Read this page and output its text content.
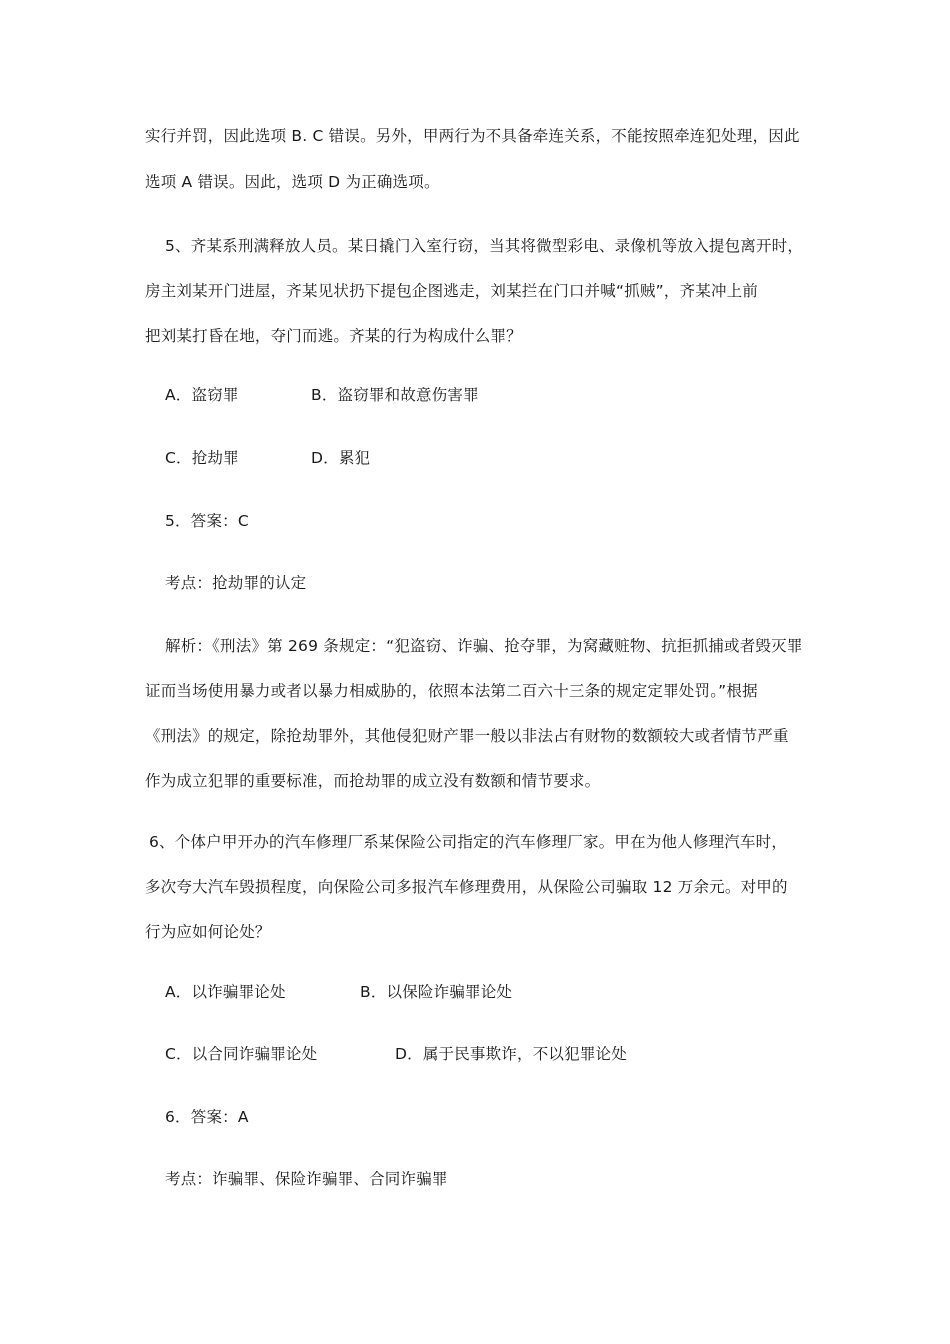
实行并罚，因此选项 B. C 错误。另外，甲两行为不具备牵连关系，不能按照牵连犯处理，因此
选项 A 错误。因此，选项 D 为正确选项。
5、齐某系刑满释放人员。某日撬门入室行窃，当其将微型彩电、录像机等放入提包离开时，
房主刘某开门进屋，齐某见状扔下提包企图逃走，刘某拦在门口并喊“抓贼”，齐某冲上前
把刘某打昏在地，夺门而逃。齐某的行为构成什么罪？
A．盗窃罪	B．盗窃罪和故意伤害罪
C．抢劫罪	D．累犯
5．答案：C
考点：抢劫罪的认定
解析：《刑法》第 269 条规定：“犯盗窃、诈骗、抢夺罪，为窝藏赃物、抗拒抓捕或者毁灭罪
证而当场使用暴力或者以暴力相威胁的，依照本法第二百六十三条的规定定罪处罚。”根据
《刑法》的规定，除抢劫罪外，其他侵犯财产罪一般以非法占有财物的数额较大或者情节严重
作为成立犯罪的重要标准，而抢劫罪的成立没有数额和情节要求。
6、个体户甲开办的汽车修理厂系某保险公司指定的汽车修理厂家。甲在为他人修理汽车时，
多次夸大汽车毁损程度，向保险公司多报汽车修理费用，从保险公司骗取 12 万余元。对甲的
行为应如何论处？
A．以诈骗罪论处	B．以保险诈骗罪论处
C．以合同诈骗罪论处	D．属于民事欺诈，不以犯罪论处
6．答案：A
考点：诈骗罪、保险诈骗罪、合同诈骗罪
